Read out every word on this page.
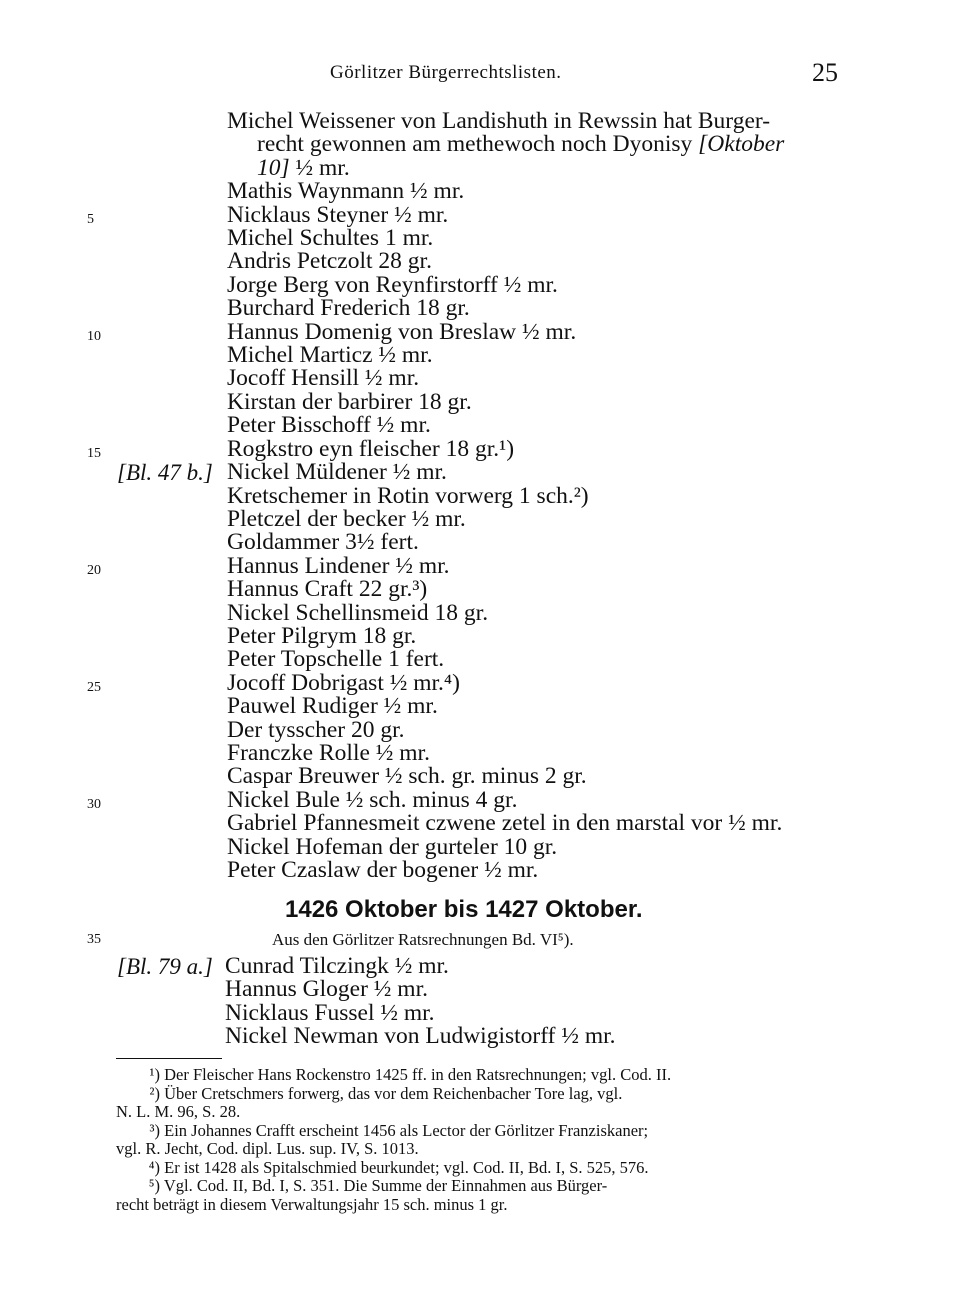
Görlitzer Bürgerrechtslisten.	25
Michel Weissener von Landishuth in Rewssin hat Burger-
recht gewonnen am methewoch noch Dyonisy [Oktober
10] ½ mr.
Mathis Waynmann ½ mr.
Nicklaus Steyner ½ mr.
5
Michel Schultes 1 mr.
Andris Petczolt 28 gr.
Jorge Berg von Reynfirstorff ½ mr.
Burchard Frederich 18 gr.
Hannus Domenig von Breslaw ½ mr.
10
Michel Marticz ½ mr.
Jocoff Hensill ½ mr.
Kirstan der barbirer 18 gr.
Peter Bisschoff ½ mr.
Rogkstro eyn fleischer 18 gr.¹)
15
Nickel Müldener ½ mr.
[Bl. 47 b.]
Kretschemer in Rotin vorwerg 1 sch.²)
Pletczel der becker ½ mr.
Goldammer 3½ fert.
Hannus Lindener ½ mr.
20
Hannus Craft 22 gr.³)
Nickel Schellinsmeid 18 gr.
Peter Pilgrym 18 gr.
Peter Topschelle 1 fert.
Jocoff Dobrigast ½ mr.⁴)
25
Pauwel Rudiger ½ mr.
Der tysscher 20 gr.
Franczke Rolle ½ mr.
Caspar Breuwer ½ sch. gr. minus 2 gr.
Nickel Bule ½ sch. minus 4 gr.
30
Gabriel Pfannesmeit czwene zetel in den marstal vor ½ mr.
Nickel Hofeman der gurteler 10 gr.
Peter Czaslaw der bogener ½ mr.
1426 Oktober bis 1427 Oktober.
35	Aus den Görlitzer Ratsrechnungen Bd. VI⁵).
Cunrad Tilczingk ½ mr.
[Bl. 79 a.]
Hannus Gloger ½ mr.
Nicklaus Fussel ½ mr.
Nickel Newman von Ludwigistorff ½ mr.
¹) Der Fleischer Hans Rockenstro 1425 ff. in den Ratsrechnungen; vgl. Cod. II.
²) Über Cretschmers forwerg, das vor dem Reichenbacher Tore lag, vgl.
N. L. M. 96, S. 28.
³) Ein Johannes Crafft erscheint 1456 als Lector der Görlitzer Franziskaner;
vgl. R. Jecht, Cod. dipl. Lus. sup. IV, S. 1013.
⁴) Er ist 1428 als Spitalschmied beurkundet; vgl. Cod. II, Bd. I, S. 525, 576.
⁵) Vgl. Cod. II, Bd. I, S. 351. Die Summe der Einnahmen aus Bürger-
recht beträgt in diesem Verwaltungsjahr 15 sch. minus 1 gr.
